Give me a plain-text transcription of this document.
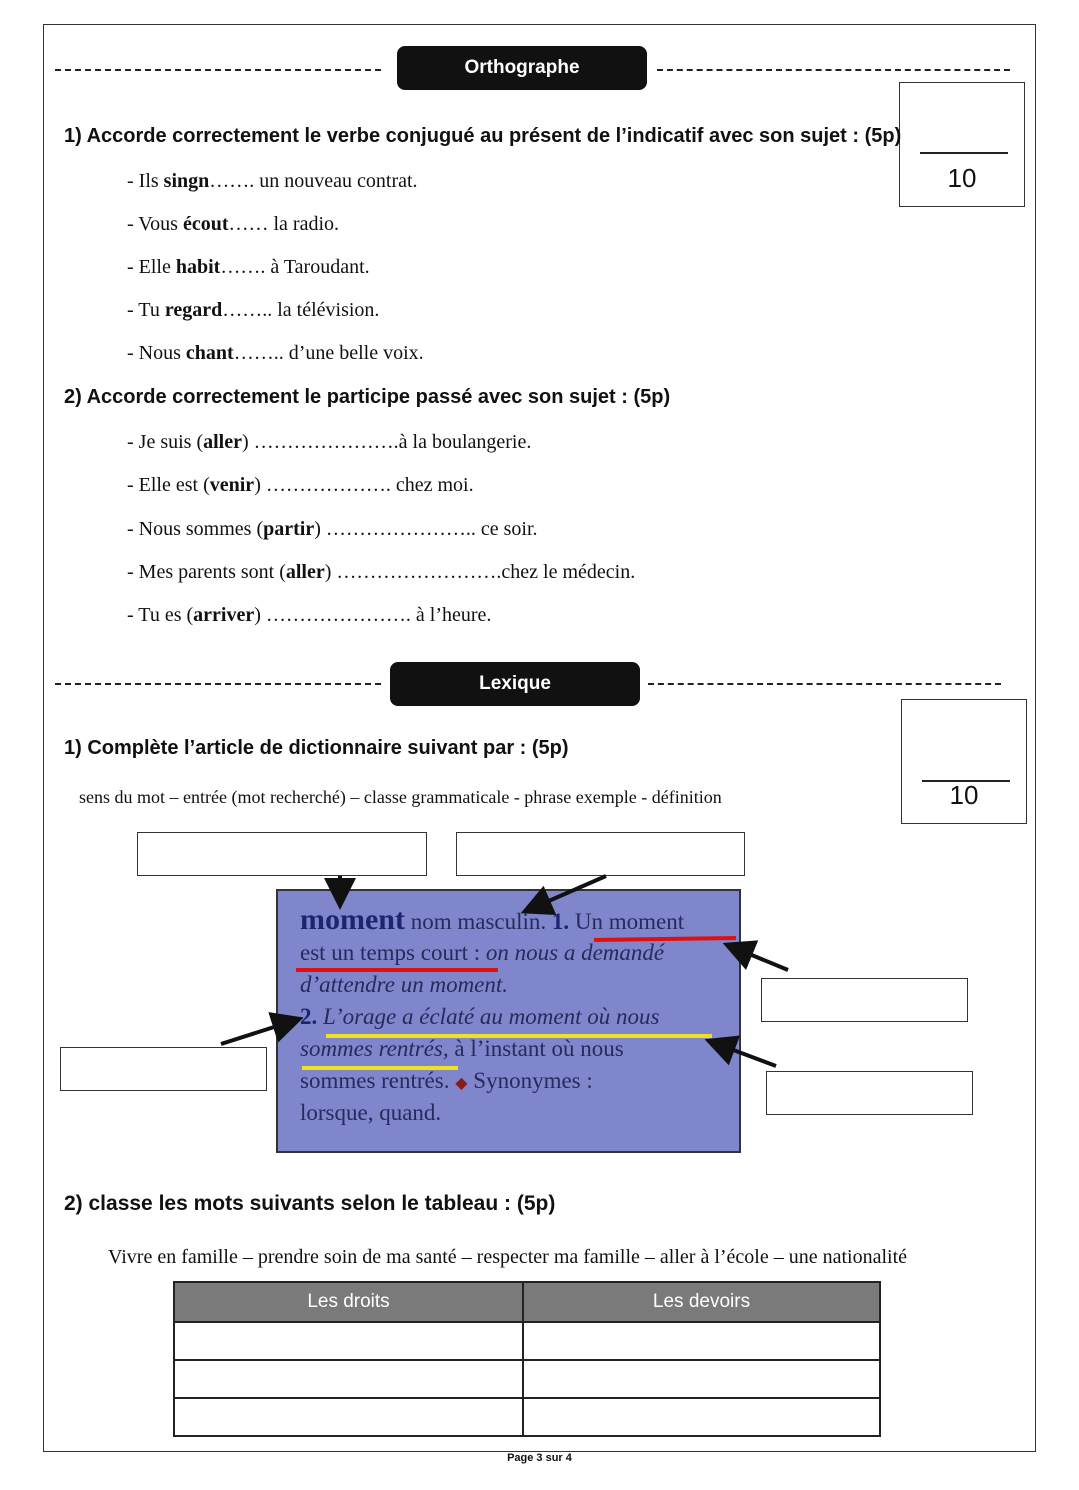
Orthographe
10
1) Accorde correctement le verbe conjugué au présent de l’indicatif avec son sujet : (5p)
- Ils singn……. un nouveau contrat.
- Vous écout…… la radio.
- Elle habit……. à Taroudant.
- Tu regard…….. la télévision.
- Nous chant…….. d’une belle voix.
2) Accorde correctement le participe passé avec son sujet : (5p)
- Je suis (aller) ………………….à la boulangerie.
- Elle est (venir) ………………. chez moi.
- Nous sommes (partir) ………………….. ce soir.
- Mes parents sont (aller) …………………….chez le médecin.
- Tu es (arriver) …………………. à l’heure.
Lexique
10
1) Complète l’article de dictionnaire suivant par : (5p)
sens du mot – entrée (mot recherché) – classe grammaticale - phrase exemple - définition
moment nom masculin. 1. Un moment
est un temps court : on nous a demandé
d’attendre un moment.
2. L’orage a éclaté au moment où nous
sommes rentrés, à l’instant où nous
sommes rentrés. ◆ Synonymes :
lorsque, quand.
2) classe les mots suivants selon le tableau : (5p)
Vivre en famille – prendre soin de ma santé – respecter ma famille – aller à l’école – une nationalité
Les droits	Les devoirs

Page 3 sur 4
